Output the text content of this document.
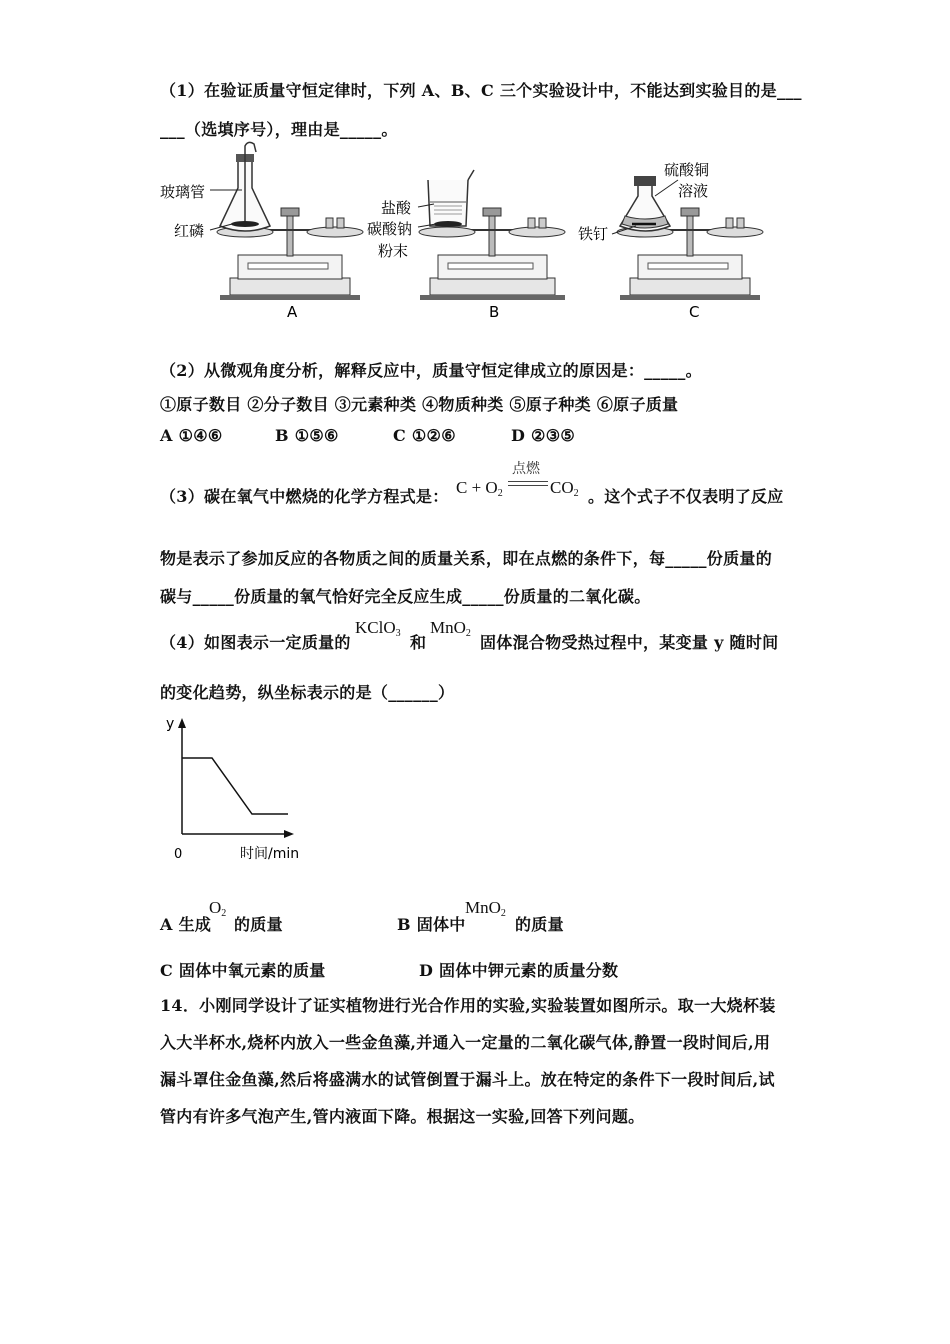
（1）在验证质量守恒定律时，下列 A、B、C 三个实验设计中，不能达到实验目的是___
___（选填序号），理由是_____。
玻璃管
红磷
A
盐酸
碳酸钠
粉末
B
硫酸铜
溶液
铁钉
C
（2）从微观角度分析，解释反应中，质量守恒定律成立的原因是：_____。
①原子数目 ②分子数目 ③元素种类 ④物质种类 ⑤原子种类 ⑥原子质量
A ①④⑥	B ①⑤⑥	C ①②⑥	D ②③⑤
（3）碳在氧气中燃烧的化学方程式是： $C + O_2$
点燃
$CO_2$ 。这个式子不仅表明了反应
物是表示了参加反应的各物质之间的质量关系，即在点燃的条件下，每_____份质量的
碳与_____份质量的氧气恰好完全反应生成_____份质量的二氧化碳。
（4）如图表示一定质量的
KClO$_3$ 和
MnO$_2$ 固体混合物受热过程中，某变量 y 随时间
的变化趋势，纵坐标表示的是（______）
y
0	时间/min
A 生成
$O_2$
的质量	B 固体中
MnO$_2$
的质量
C 固体中氧元素的质量	D 固体中钾元素的质量分数
14．小刚同学设计了证实植物进行光合作用的实验,实验装置如图所示。取一大烧杯装
入大半杯水,烧杯内放入一些金鱼藻,并通入一定量的二氧化碳气体,静置一段时间后,用
漏斗罩住金鱼藻,然后将盛满水的试管倒置于漏斗上。放在特定的条件下一段时间后,试
管内有许多气泡产生,管内液面下降。根据这一实验,回答下列问题。
